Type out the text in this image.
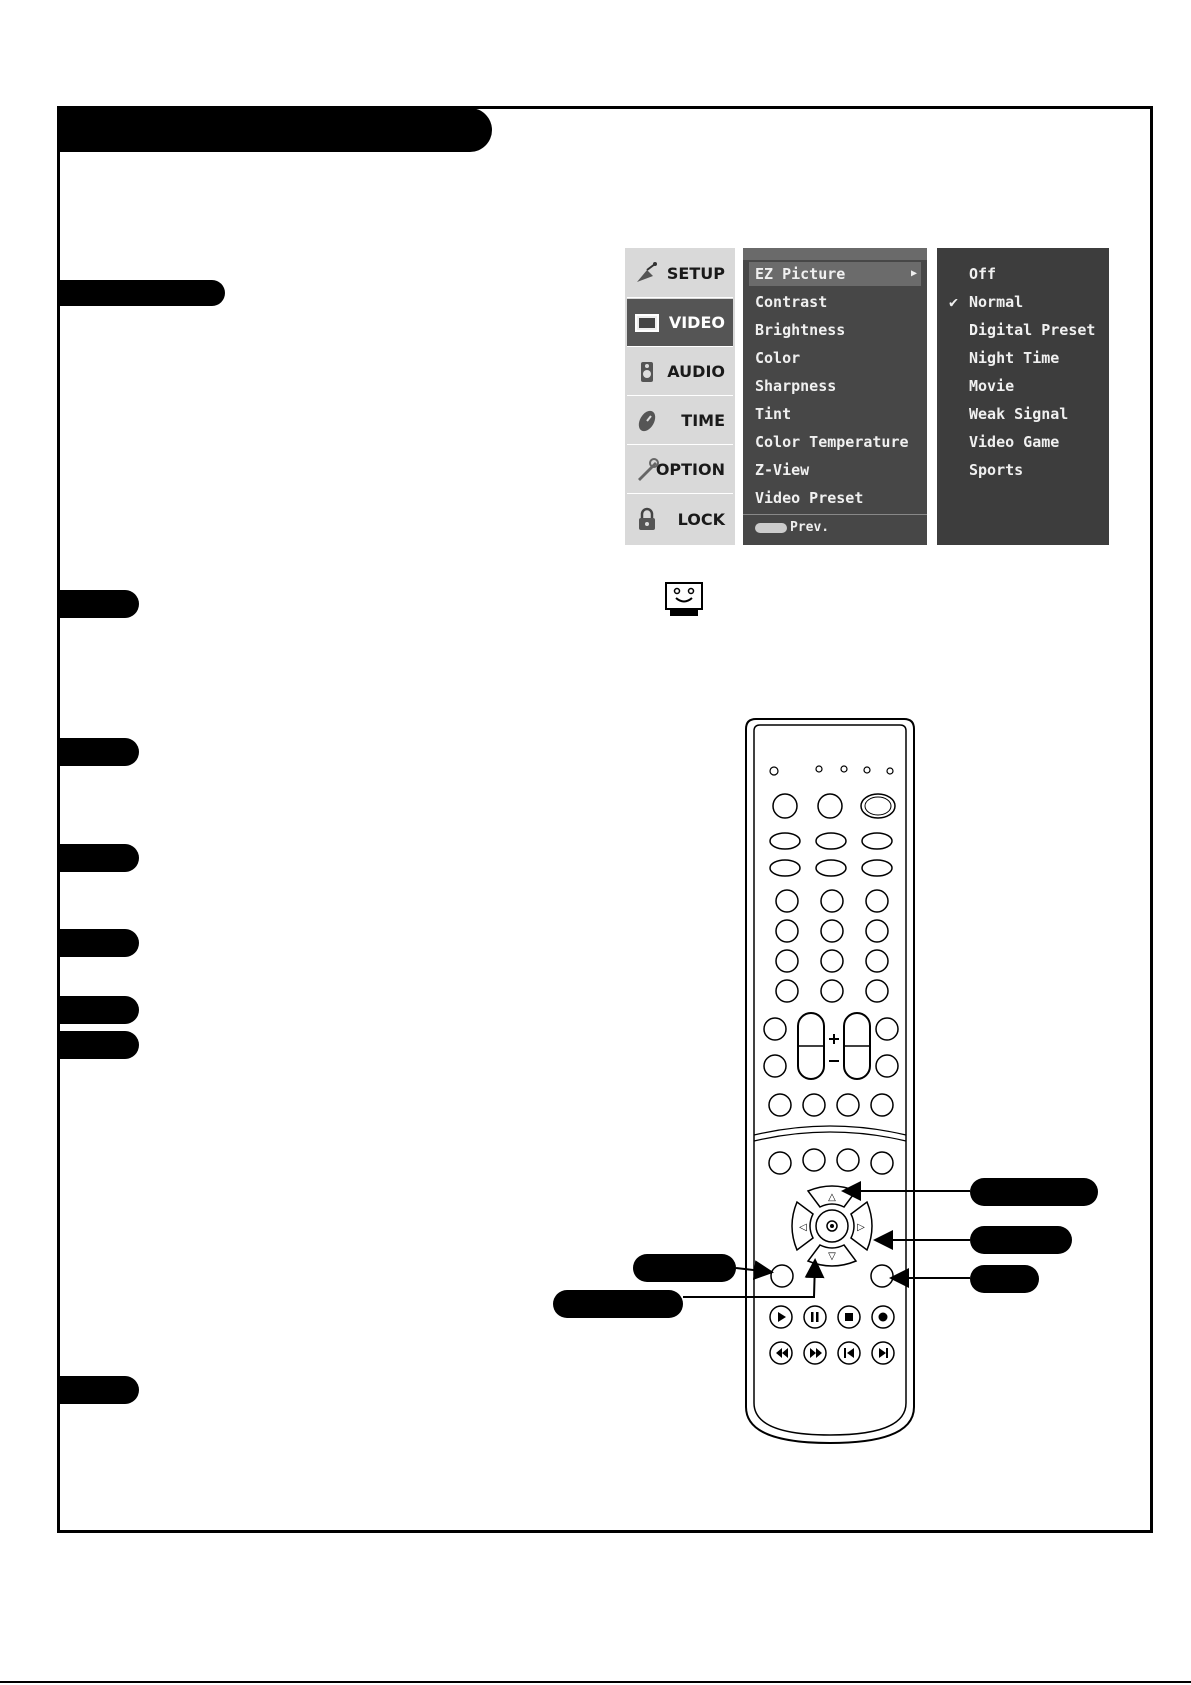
SETUP
VIDEO
AUDIO
TIME
OPTION
LOCK
EZ Picture ▶
Contrast
Brightness
Color
Sharpness
Tint
Color Temperature
Z-View
Video Preset
Prev.
Off
✔ Normal
Digital Preset
Night Time
Movie
Weak Signal
Video Game
Sports
△
▽
◁	▷
